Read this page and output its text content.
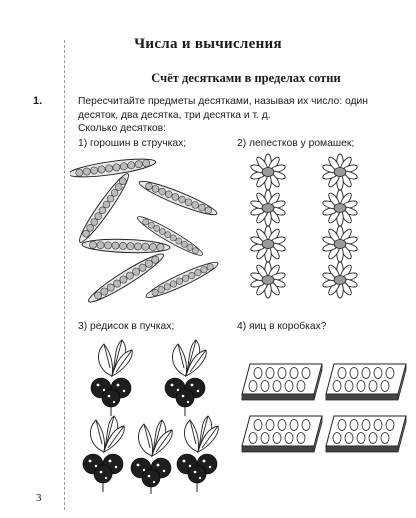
Числа и вычисления
Счёт десятками в пределах сотни
1.	Пересчитайте предметы десятками, называя их число: один
десяток, два десятка, три десятка и т. д.
Сколько десятков:
1) горошин в стручках;	2) лепестков у ромашек;
3) редисок в пучках;	4) яиц в коробках?
3
